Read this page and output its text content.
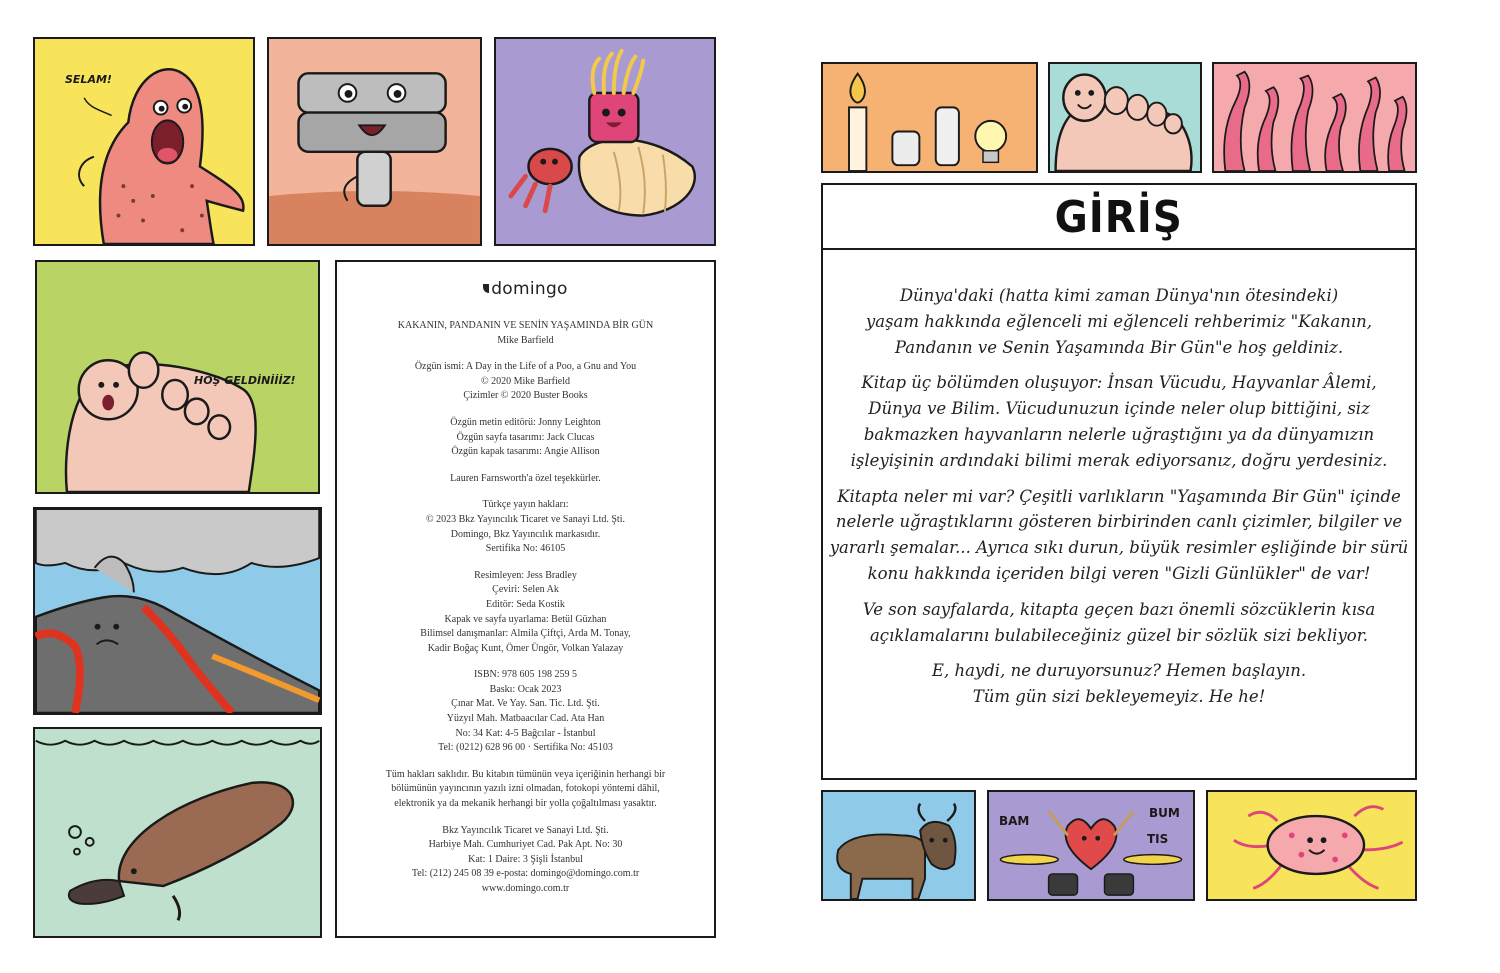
SELAM!
HOŞ GELDİNİİİZ!
domingo
KAKANIN, PANDANIN VE SENİN YAŞAMINDA BİR GÜN
Mike Barfield
Özgün ismi: A Day in the Life of a Poo, a Gnu and You
© 2020 Mike Barfield
Çizimler © 2020 Buster Books
Özgün metin editörü: Jonny Leighton
Özgün sayfa tasarımı: Jack Clucas
Özgün kapak tasarımı: Angie Allison
Lauren Farnsworth'a özel teşekkürler.
Türkçe yayın hakları:
© 2023 Bkz Yayıncılık Ticaret ve Sanayi Ltd. Şti.
Domingo, Bkz Yayıncılık markasıdır.
Sertifika No: 46105
Resimleyen: Jess Bradley
Çeviri: Selen Ak
Editör: Seda Kostik
Kapak ve sayfa uyarlama: Betül Güzhan
Bilimsel danışmanlar: Almila Çiftçi, Arda M. Tonay,
Kadir Boğaç Kunt, Ömer Üngör, Volkan Yalazay
ISBN: 978 605 198 259 5
Baskı: Ocak 2023
Çınar Mat. Ve Yay. San. Tic. Ltd. Şti.
Yüzyıl Mah. Matbaacılar Cad. Ata Han
No: 34 Kat: 4-5 Bağcılar - İstanbul
Tel: (0212) 628 96 00 · Sertifika No: 45103
Tüm hakları saklıdır. Bu kitabın tümünün veya içeriğinin herhangi bir
bölümünün yayıncının yazılı izni olmadan, fotokopi yöntemi dâhil,
elektronik ya da mekanik herhangi bir yolla çoğaltılması yasaktır.
Bkz Yayıncılık Ticaret ve Sanayi Ltd. Şti.
Harbiye Mah. Cumhuriyet Cad. Pak Apt. No: 30
Kat: 1 Daire: 3 Şişli İstanbul
Tel: (212) 245 08 39 e-posta: domingo@domingo.com.tr
www.domingo.com.tr
GİRİŞ

Dünya'daki (hatta kimi zaman Dünya'nın ötesindeki)
yaşam hakkında eğlenceli mi eğlenceli rehberimiz "Kakanın,
Pandanın ve Senin Yaşamında Bir Gün"e hoş geldiniz.

Kitap üç bölümden oluşuyor: İnsan Vücudu, Hayvanlar Âlemi,
Dünya ve Bilim. Vücudunuzun içinde neler olup bittiğini, siz
bakmazken hayvanların nelerle uğraştığını ya da dünyamızın
işleyişinin ardındaki bilimi merak ediyorsanız, doğru yerdesiniz.

Kitapta neler mi var? Çeşitli varlıkların "Yaşamında Bir Gün" içinde
nelerle uğraştıklarını gösteren birbirinden canlı çizimler, bilgiler ve
yararlı şemalar... Ayrıca sıkı durun, büyük resimler eşliğinde bir sürü
konu hakkında içeriden bilgi veren "Gizli Günlükler" de var!

Ve son sayfalarda, kitapta geçen bazı önemli sözcüklerin kısa
açıklamalarını bulabileceğiniz güzel bir sözlük sizi bekliyor.

E, haydi, ne duruyorsunuz? Hemen başlayın.
Tüm gün sizi bekleyemeyiz. He he!

BAM
BUM
TIS
